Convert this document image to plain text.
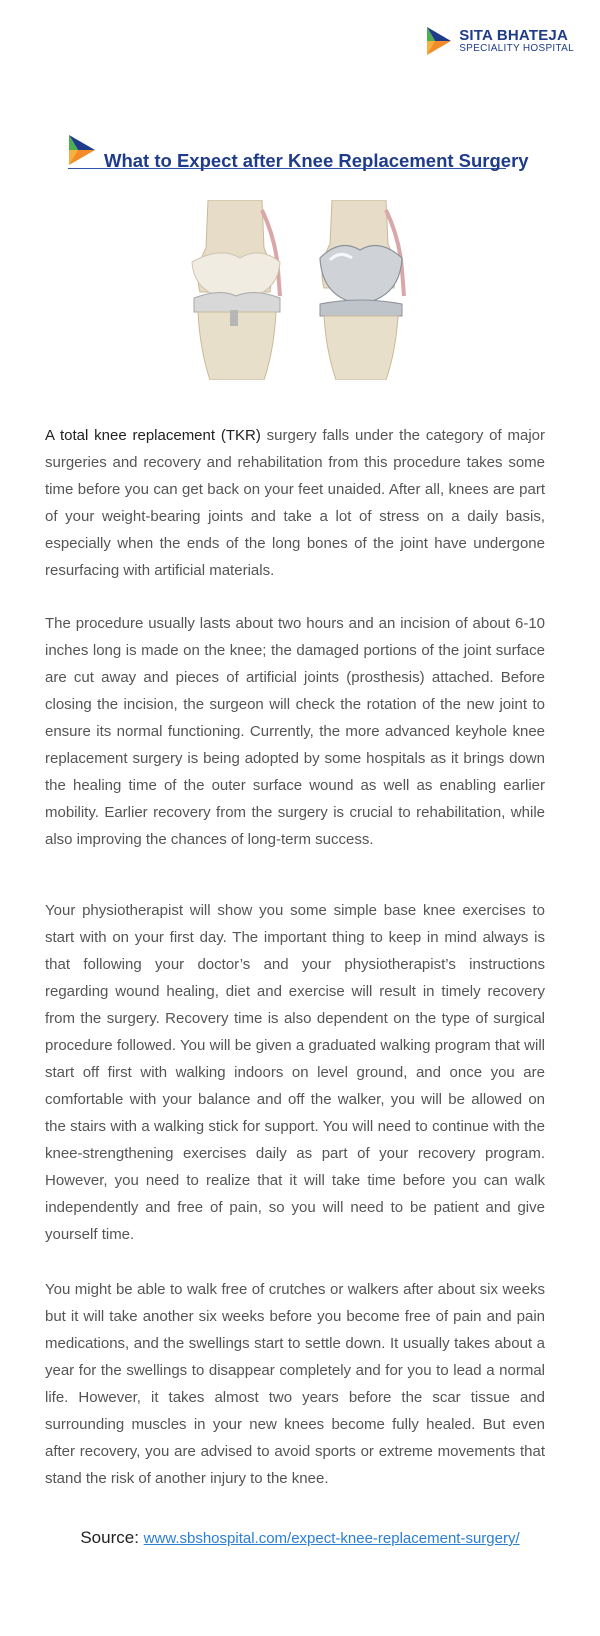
SITA BHATEJA
SPECIALITY HOSPITAL
What to Expect after Knee Replacement Surgery

A total knee replacement (TKR) surgery falls under the category of major surgeries and recovery and rehabilitation from this procedure takes some time before you can get back on your feet unaided. After all, knees are part of your weight-bearing joints and take a lot of stress on a daily basis, especially when the ends of the long bones of the joint have undergone resurfacing with artificial materials.

The procedure usually lasts about two hours and an incision of about 6-10 inches long is made on the knee; the damaged portions of the joint surface are cut away and pieces of artificial joints (prosthesis) attached. Before closing the incision, the surgeon will check the rotation of the new joint to ensure its normal functioning. Currently, the more advanced keyhole knee replacement surgery is being adopted by some hospitals as it brings down the healing time of the outer surface wound as well as enabling earlier mobility. Earlier recovery from the surgery is crucial to rehabilitation, while also improving the chances of long-term success.

Your physiotherapist will show you some simple base knee exercises to start with on your first day. The important thing to keep in mind always is that following your doctor’s and your physiotherapist’s instructions regarding wound healing, diet and exercise will result in timely recovery from the surgery. Recovery time is also dependent on the type of surgical procedure followed. You will be given a graduated walking program that will start off first with walking indoors on level ground, and once you are comfortable with your balance and off the walker, you will be allowed on the stairs with a walking stick for support. You will need to continue with the knee-strengthening exercises daily as part of your recovery program. However, you need to realize that it will take time before you can walk independently and free of pain, so you will need to be patient and give yourself time.

You might be able to walk free of crutches or walkers after about six weeks but it will take another six weeks before you become free of pain and pain medications, and the swellings start to settle down. It usually takes about a year for the swellings to disappear completely and for you to lead a normal life. However, it takes almost two years before the scar tissue and surrounding muscles in your new knees become fully healed. But even after recovery, you are advised to avoid sports or extreme movements that stand the risk of another injury to the knee.

Source: www.sbshospital.com/expect-knee-replacement-surgery/
